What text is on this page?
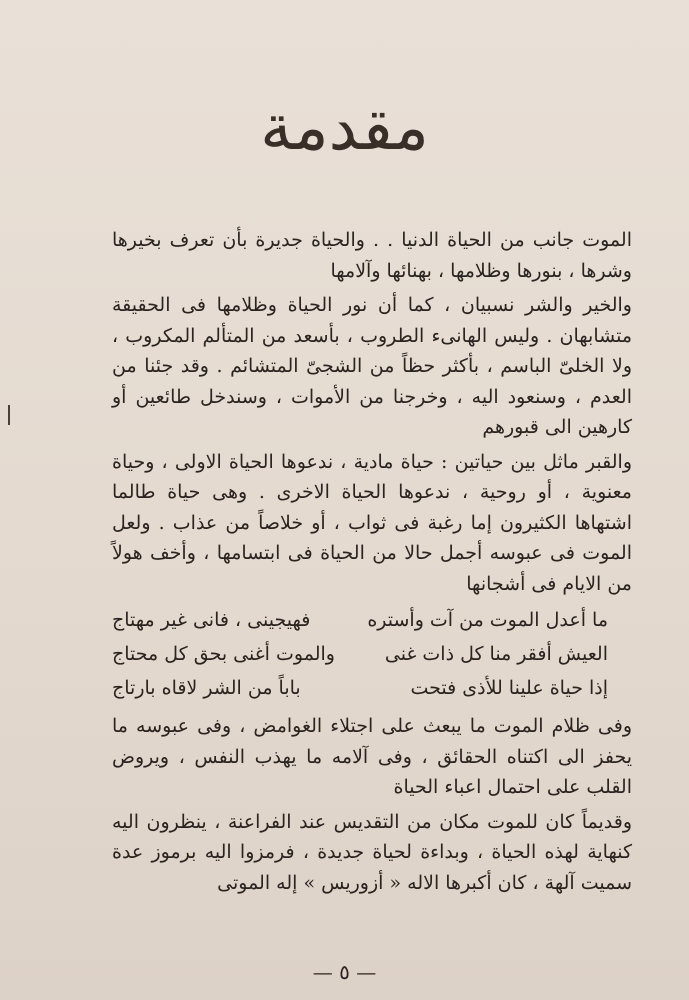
مقدمة

الموت جانب من الحياة الدنيا . . والحياة جديرة بأن تعرف بخيرها وشرها ، بنورها وظلامها ، بهنائها وآلامها

والخير والشر نسبيان ، كما أن نور الحياة وظلامها فى الحقيقة متشابهان . وليس الهانىء الطروب ، بأسعد من المتألم المكروب ، ولا الخلىّ الباسم ، بأكثر حظاً من الشجىّ المتشائم . وقد جئنا من العدم ، وسنعود اليه ، وخرجنا من الأموات ، وسندخل طائعين أو كارهين الى قبورهم

والقبر ماثل بين حياتين : حياة مادية ، ندعوها الحياة الاولى ، وحياة معنوية ، أو روحية ، ندعوها الحياة الاخرى . وهى حياة طالما اشتهاها الكثيرون إما رغبة فى ثواب ، أو خلاصاً من عذاب . ولعل الموت فى عبوسه أجمل حالا من الحياة فى ابتسامها ، وأخف هولاً من الايام فى أشجانها

ما أعدل الموت من آت وأستره
فهيجينى ، فانى غير مهتاج
العيش أفقر منا كل ذات غنى
والموت أغنى بحق كل محتاج
إذا حياة علينا للأذى فتحت
باباً من الشر لاقاه بارتاج

وفى ظلام الموت ما يبعث على اجتلاء الغوامض ، وفى عبوسه ما يحفز الى اكتناه الحقائق ، وفى آلامه ما يهذب النفس ، ويروض القلب على احتمال اعباء الحياة

وقديماً كان للموت مكان من التقديس عند الفراعنة ، ينظرون اليه كنهاية لهذه الحياة ، وبداءة لحياة جديدة ، فرمزوا اليه برموز عدة سميت آلهة ، كان أكبرها الاله « أزوريس » إله الموتى

— ٥ —
